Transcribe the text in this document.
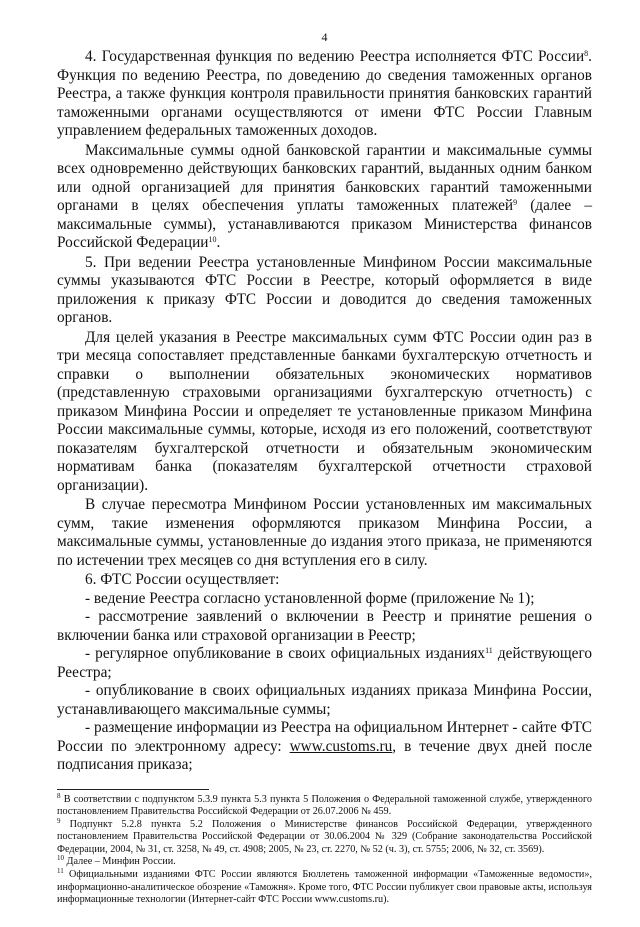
4

4. Государственная функция по ведению Реестра исполняется ФТС России$^8$. Функция по ведению Реестра, по доведению до сведения таможенных органов Реестра, а также функция контроля правильности принятия банковских гарантий таможенными органами осуществляются от имени ФТС России Главным управлением федеральных таможенных доходов.

Максимальные суммы одной банковской гарантии и максимальные суммы всех одновременно действующих банковских гарантий, выданных одним банком или одной организацией для принятия банковских гарантий таможенными органами в целях обеспечения уплаты таможенных платежей$^9$ (далее – максимальные суммы), устанавливаются приказом Министерства финансов Российской Федерации$^{10}$.

5. При ведении Реестра установленные Минфином России максимальные суммы указываются ФТС России в Реестре, который оформляется в виде приложения к приказу ФТС России и доводится до сведения таможенных органов.

Для целей указания в Реестре максимальных сумм ФТС России один раз в три месяца сопоставляет представленные банками бухгалтерскую отчетность и справки о выполнении обязательных экономических нормативов (представленную страховыми организациями бухгалтерскую отчетность) с приказом Минфина России и определяет те установленные приказом Минфина России максимальные суммы, которые, исходя из его положений, соответствуют показателям бухгалтерской отчетности и обязательным экономическим нормативам банка (показателям бухгалтерской отчетности страховой организации).

В случае пересмотра Минфином России установленных им максимальных сумм, такие изменения оформляются приказом Минфина России, а максимальные суммы, установленные до издания этого приказа, не применяются по истечении трех месяцев со дня вступления его в силу.

6. ФТС России осуществляет:

- ведение Реестра согласно установленной форме (приложение № 1);

- рассмотрение заявлений о включении в Реестр и принятие решения о включении банка или страховой организации в Реестр;

- регулярное опубликование в своих официальных изданиях$^{11}$ действующего Реестра;

- опубликование в своих официальных изданиях приказа Минфина России, устанавливающего максимальные суммы;

- размещение информации из Реестра на официальном Интернет - сайте ФТС России по электронному адресу: www.customs.ru, в течение двух дней после подписания приказа;

$^8$ В соответствии с подпунктом 5.3.9 пункта 5.3 пункта 5 Положения о Федеральной таможенной службе, утвержденного постановлением Правительства Российской Федерации от 26.07.2006 № 459.

$^9$ Подпункт 5.2.8 пункта 5.2 Положения о Министерстве финансов Российской Федерации, утвержденного постановлением Правительства Российской Федерации от 30.06.2004 № 329 (Собрание законодательства Российской Федерации, 2004, № 31, ст. 3258, № 49, ст. 4908; 2005, № 23, ст. 2270, № 52 (ч. 3), ст. 5755; 2006, № 32, ст. 3569).

$^{10}$ Далее – Минфин России.

$^{11}$ Официальными изданиями ФТС России являются Бюллетень таможенной информации «Таможенные ведомости», информационно-аналитическое обозрение «Таможня». Кроме того, ФТС России публикует свои правовые акты, используя информационные технологии (Интернет-сайт ФТС России www.customs.ru).
